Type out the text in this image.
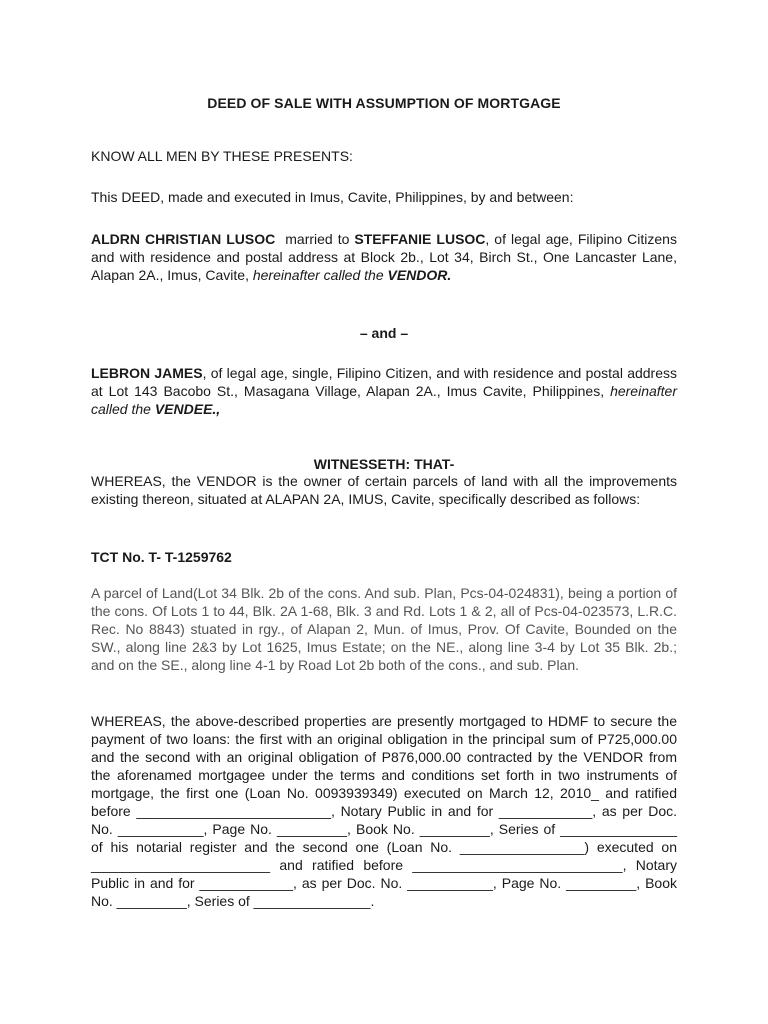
DEED OF SALE WITH ASSUMPTION OF MORTGAGE
KNOW ALL MEN BY THESE PRESENTS:
This DEED, made and executed in Imus, Cavite, Philippines, by and between:
ALDRN CHRISTIAN LUSOC  married to STEFFANIE LUSOC, of legal age, Filipino Citizens and with residence and postal address at Block 2b., Lot 34, Birch St., One Lancaster Lane, Alapan 2A., Imus, Cavite, hereinafter called the VENDOR.
– and –
LEBRON JAMES, of legal age, single, Filipino Citizen, and with residence and postal address at Lot 143 Bacobo St., Masagana Village, Alapan 2A., Imus Cavite, Philippines, hereinafter called the VENDEE.,
WITNESSETH: THAT-
WHEREAS, the VENDOR is the owner of certain parcels of land with all the improvements existing thereon, situated at ALAPAN 2A, IMUS, Cavite, specifically described as follows:
TCT No. T- T-1259762
A parcel of Land(Lot 34 Blk. 2b of the cons. And sub. Plan, Pcs-04-024831), being a portion of the cons. Of Lots 1 to 44, Blk. 2A 1-68, Blk. 3 and Rd. Lots 1 & 2, all of Pcs-04-023573, L.R.C. Rec. No 8843) stuated in rgy., of Alapan 2, Mun. of Imus, Prov. Of Cavite, Bounded on the SW., along line 2&3 by Lot 1625, Imus Estate; on the NE., along line 3-4 by Lot 35 Blk. 2b.; and on the SE., along line 4-1 by Road Lot 2b both of the cons., and sub. Plan.
WHEREAS, the above-described properties are presently mortgaged to HDMF to secure the payment of two loans: the first with an original obligation in the principal sum of P725,000.00 and the second with an original obligation of P876,000.00 contracted by the VENDOR from the aforenamed mortgagee under the terms and conditions set forth in two instruments of mortgage, the first one (Loan No. 0093939349) executed on March 12, 2010_ and ratified before _________________________, Notary Public in and for ____________, as per Doc. No. ___________, Page No. _________, Book No. _________, Series of _______________ of his notarial register and the second one (Loan No. ________________) executed on _______________________ and ratified before ___________________________, Notary Public in and for ____________, as per Doc. No. ___________, Page No. _________, Book No. _________, Series of _______________.
